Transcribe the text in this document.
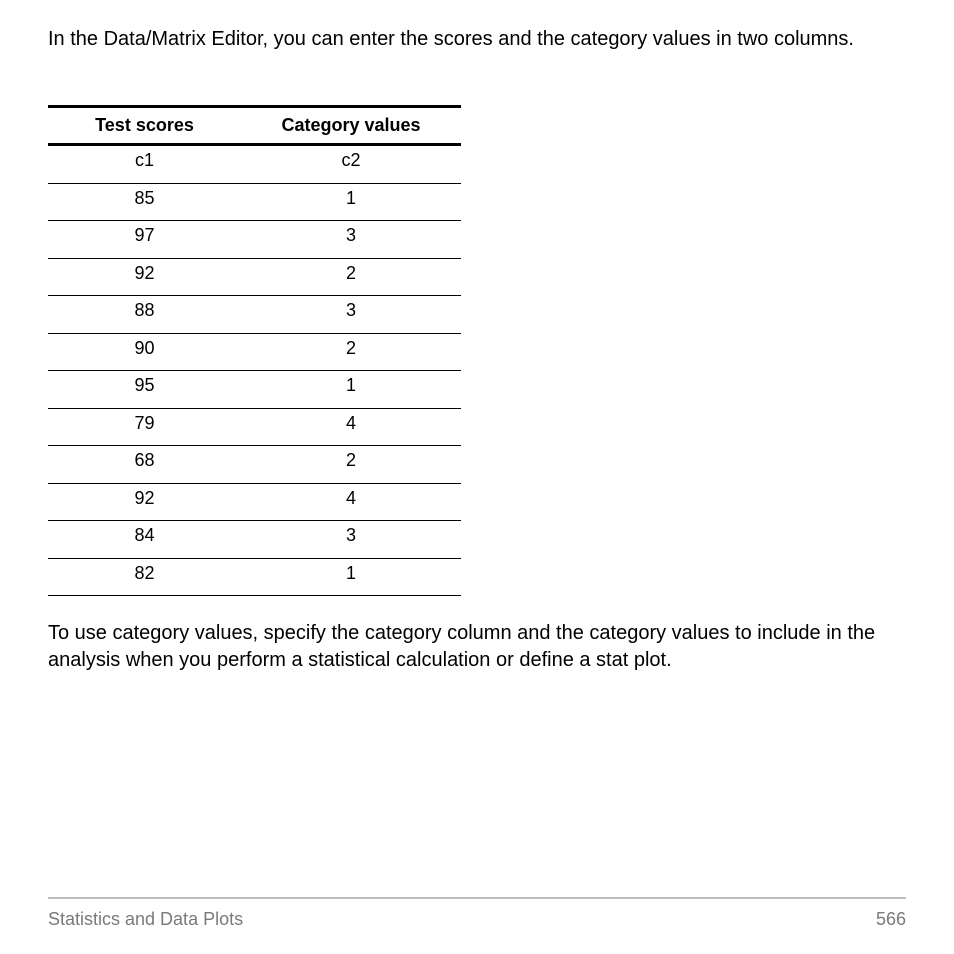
In the Data/Matrix Editor, you can enter the scores and the category values in two columns.

Test scores	Category values
c1	c2
85	1
97	3
92	2
88	3
90	2
95	1
79	4
68	2
92	4
84	3
82	1

To use category values, specify the category column and the category values to include in the analysis when you perform a statistical calculation or define a stat plot.

Statistics and Data Plots	566
